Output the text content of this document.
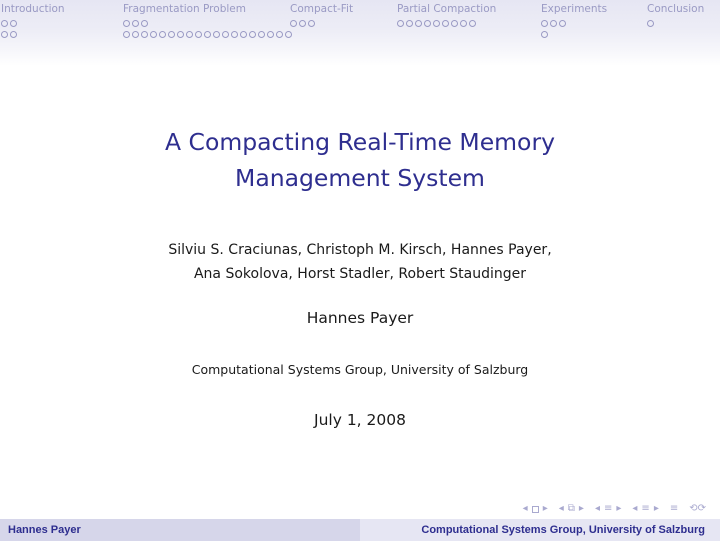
Introduction	Fragmentation Problem	Compact-Fit	Partial Compaction	Experiments	Conclusion
A Compacting Real-Time Memory
Management System
Silviu S. Craciunas, Christoph M. Kirsch, Hannes Payer,
Ana Sokolova, Horst Stadler, Robert Staudinger
Hannes Payer
Computational Systems Group, University of Salzburg
July 1, 2008
◂ ▸ ◂ ⧉ ▸ ◂ ≡ ▸ ◂ ≡ ▸ ≡ ⟲⟳
Hannes Payer	Computational Systems Group, University of Salzburg
